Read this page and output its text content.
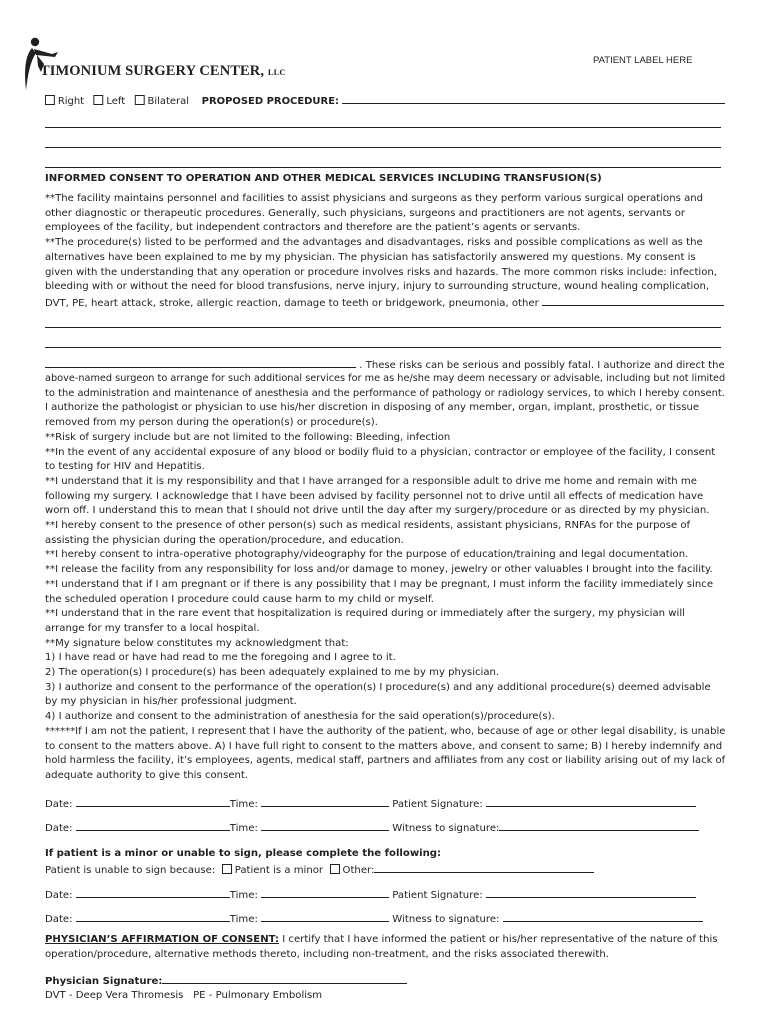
TIMONIUM SURGERY CENTER, LLC
PATIENT LABEL HERE
Right Left Bilateral PROPOSED PROCEDURE:
INFORMED CONSENT TO OPERATION AND OTHER MEDICAL SERVICES INCLUDING TRANSFUSION(S)
**The facility maintains personnel and facilities to assist physicians and surgeons as they perform various surgical operations and
other diagnostic or therapeutic procedures. Generally, such physicians, surgeons and practitioners are not agents, servants or
employees of the facility, but independent contractors and therefore are the patient’s agents or servants.
**The procedure(s) listed to be performed and the advantages and disadvantages, risks and possible complications as well as the
alternatives have been explained to me by my physician. The physician has satisfactorily answered my questions. My consent is
given with the understanding that any operation or procedure involves risks and hazards. The more common risks include: infection,
bleeding with or without the need for blood transfusions, nerve injury, injury to surrounding structure, wound healing complication,
DVT, PE, heart attack, stroke, allergic reaction, damage to teeth or bridgework, pneumonia, other
. These risks can be serious and possibly fatal. I authorize and direct the
above-named surgeon to arrange for such additional services for me as he/she may deem necessary or advisable, including but not limited
to the administration and maintenance of anesthesia and the performance of pathology or radiology services, to which I hereby consent.
I authorize the pathologist or physician to use his/her discretion in disposing of any member, organ, implant, prosthetic, or tissue
removed from my person during the operation(s) or procedure(s).
**Risk of surgery include but are not limited to the following: Bleeding, infection
**In the event of any accidental exposure of any blood or bodily fluid to a physician, contractor or employee of the facility, I consent
to testing for HIV and Hepatitis.
**I understand that it is my responsibility and that I have arranged for a responsible adult to drive me home and remain with me
following my surgery. I acknowledge that I have been advised by facility personnel not to drive until all effects of medication have
worn off. I understand this to mean that I should not drive until the day after my surgery/procedure or as directed by my physician.
**I hereby consent to the presence of other person(s) such as medical residents, assistant physicians, RNFAs for the purpose of
assisting the physician during the operation/procedure, and education.
**I hereby consent to intra-operative photography/videography for the purpose of education/training and legal documentation.
**I release the facility from any responsibility for loss and/or damage to money, jewelry or other valuables I brought into the facility.
**I understand that if I am pregnant or if there is any possibility that I may be pregnant, I must inform the facility immediately since
the scheduled operation I procedure could cause harm to my child or myself.
**I understand that in the rare event that hospitalization is required during or immediately after the surgery, my physician will
arrange for my transfer to a local hospital.
**My signature below constitutes my acknowledgment that:
1) I have read or have had read to me the foregoing and I agree to it.
2) The operation(s) I procedure(s) has been adequately explained to me by my physician.
3) I authorize and consent to the performance of the operation(s) I procedure(s) and any additional procedure(s) deemed advisable
by my physician in his/her professional judgment.
4) I authorize and consent to the administration of anesthesia for the said operation(s)/procedure(s).
******If I am not the patient, I represent that I have the authority of the patient, who, because of age or other legal disability, is unable
to consent to the matters above. A) I have full right to consent to the matters above, and consent to same; B) I hereby indemnify and
hold harmless the facility, it’s employees, agents, medical staff, partners and affiliates from any cost or liability arising out of my lack of
adequate authority to give this consent.
Date:	Time:	Patient Signature:
Date:	Time:	Witness to signature:
If patient is a minor or unable to sign, please complete the following:
Patient is unable to sign because: Patient is a minor Other:
Date:	Time:	Patient Signature:
Date:	Time:	Witness to signature:
PHYSICIAN’S AFFIRMATION OF CONSENT: I certify that I have informed the patient or his/her representative of the nature of this
operation/procedure, alternative methods thereto, including non-treatment, and the risks associated therewith.
Physician Signature:
DVT - Deep Vera Thromesis PE - Pulmonary Embolism
